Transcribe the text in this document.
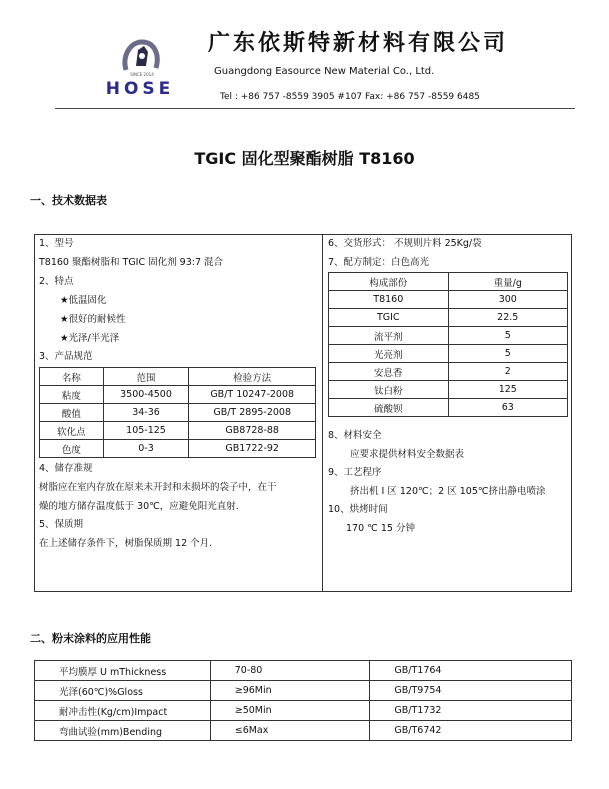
SINCE 2014
HOSE
广东依斯特新材料有限公司
Guangdong Easource New Material Co., Ltd.
Tel : +86 757 -8559 3905 #107 Fax: +86 757 -8559 6485
TGIC 固化型聚酯树脂 T8160
一、技术数据表
1、型号
T8160 聚酯树脂和 TGIC 固化剂 93:7 混合
2、特点
★低温固化
★很好的耐候性
★光泽/半光泽
3、产品规范
名称	范围	检验方法
粘度	3500-4500	GB/T 10247-2008
酸值	34-36	GB/T 2895-2008
软化点	105-125	GB8728-88
色度	0-3	GB1722-92
4、储存准规
树脂应在室内存放在原来未开封和未损坏的袋子中，在干
燥的地方储存温度低于 30℃，应避免阳光直射.
5、保质期
在上述储存条件下，树脂保质期 12 个月.
6、交货形式： 不规则片料 25Kg/袋
7、配方制定：白色高光
构成部份	重量/g
T8160	300
TGIC	22.5
流平剂	5
光亮剂	5
安息香	2
钛白粉	125
硫酸钡	63
8、材料安全
应要求提供材料安全数据表
9、工艺程序
挤出机 I 区 120℃；2 区 105℃挤出静电喷涂
10、烘烤时间
170 ℃ 15 分钟
二、粉末涂料的应用性能
平均膜厚 U mThickness	70-80	GB/T1764
光泽(60℃)%Gloss	≥96Min	GB/T9754
耐冲击性(Kg/cm)Impact	≥50Min	GB/T1732
弯曲试验(mm)Bending	≤6Max	GB/T6742
